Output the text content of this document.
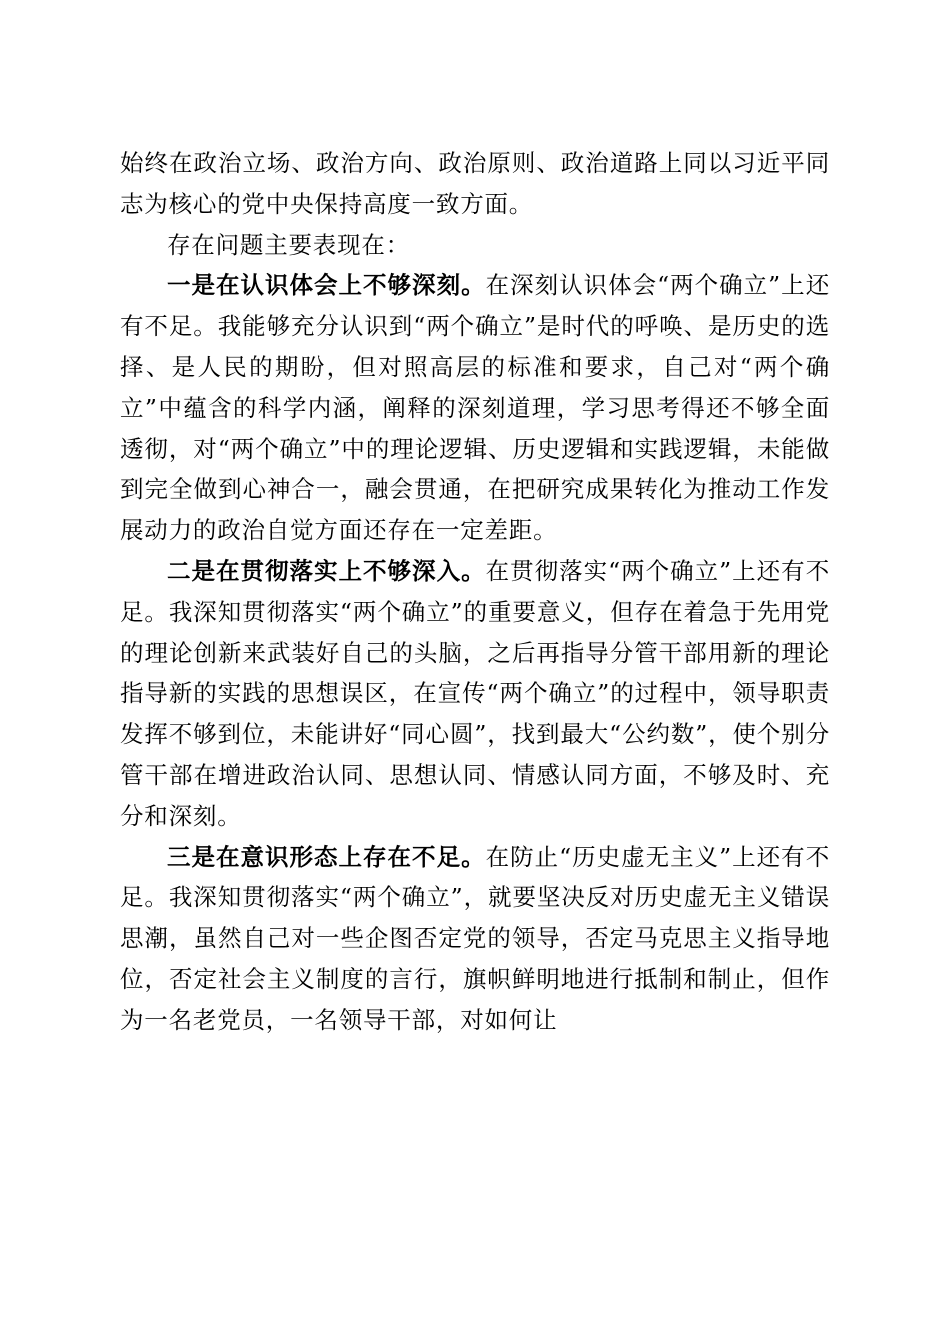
始终在政治立场、政治方向、政治原则、政治道路上同以习近平同志为核心的党中央保持高度一致方面。

存在问题主要表现在：

一是在认识体会上不够深刻。在深刻认识体会“两个确立”上还有不足。我能够充分认识到“两个确立”是时代的呼唤、是历史的选择、是人民的期盼，但对照高层的标准和要求，自己对“两个确立”中蕴含的科学内涵，阐释的深刻道理，学习思考得还不够全面透彻，对“两个确立”中的理论逻辑、历史逻辑和实践逻辑，未能做到完全做到心神合一，融会贯通，在把研究成果转化为推动工作发展动力的政治自觉方面还存在一定差距。

二是在贯彻落实上不够深入。在贯彻落实“两个确立”上还有不足。我深知贯彻落实“两个确立”的重要意义，但存在着急于先用党的理论创新来武装好自己的头脑，之后再指导分管干部用新的理论指导新的实践的思想误区，在宣传“两个确立”的过程中，领导职责发挥不够到位，未能讲好“同心圆”，找到最大“公约数”，使个别分管干部在增进政治认同、思想认同、情感认同方面，不够及时、充分和深刻。

三是在意识形态上存在不足。在防止“历史虚无主义”上还有不足。我深知贯彻落实“两个确立”，就要坚决反对历史虚无主义错误思潮，虽然自己对一些企图否定党的领导，否定马克思主义指导地位，否定社会主义制度的言行，旗帜鲜明地进行抵制和制止，但作为一名老党员，一名领导干部，对如何让
